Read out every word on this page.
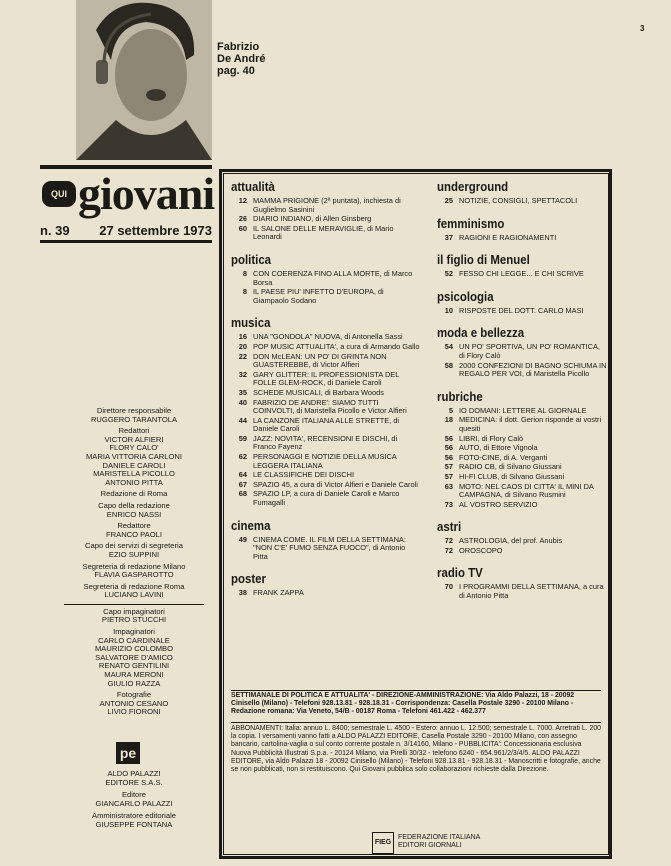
3
Fabrizio
De André
pag. 40
QUI giovani
n. 39 27 settembre 1973
attualità
12 MAMMA PRIGIONE (2ª puntata), inchiesta di Guglielmo Sasinini
26 DIARIO INDIANO, di Allen Ginsberg
60 IL SALONE DELLE MERAVIGLIE, di Mario Leonardi
politica
8 CON COERENZA FINO ALLA MORTE, di Marco Borsa
8 IL PAESE PIU' INFETTO D'EUROPA, di Giampaolo Sodano
musica
16 UNA "GONDOLA" NUOVA, di Antonella Sassi
20 POP MUSIC ATTUALITA', a cura di Armando Gallo
22 DON McLEAN: UN PO' DI GRINTA NON GUASTEREBBE, di Victor Alfieri
32 GARY GLITTER: IL PROFESSIONISTA DEL FOLLE GLEM-ROCK, di Daniele Caroli
35 SCHEDE MUSICALI, di Barbara Woods
40 FABRIZIO DE ANDRE': SIAMO TUTTI COINVOLTI, di Maristella Picollo e Victor Alfieri
44 LA CANZONE ITALIANA ALLE STRETTE, di Daniele Caroli
59 JAZZ: NOVITA', RECENSIONI E DISCHI, di Franco Fayenz
62 PERSONAGGI E NOTIZIE DELLA MUSICA LEGGERA ITALIANA
64 LE CLASSIFICHE DEI DISCHI
67 SPAZIO 45, a cura di Victor Alfieri e Daniele Caroli
68 SPAZIO LP, a cura di Daniele Caroli e Marco Fumagalli
cinema
49 CINEMA COME. IL FILM DELLA SETTIMANA: "NON C'E' FUMO SENZA FUOCO", di Antonio Pitta
poster
38 FRANK ZAPPA
underground
25 NOTIZIE, CONSIGLI, SPETTACOLI
femminismo
37 RAGIONI E RAGIONAMENTI
il figlio di Menuel
52 FESSO CHI LEGGE... E CHI SCRIVE
psicologia
10 RISPOSTE DEL DOTT. CARLO MASI
moda e bellezza
54 UN PO' SPORTIVA, UN PO' ROMANTICA, di Flory Calò
58 2000 CONFEZIONI DI BAGNO SCHIUMA IN REGALO PER VOI, di Maristella Picollo
rubriche
5 IO DOMANI: LETTERE AL GIORNALE
18 MEDICINA: il dott. Gerion risponde ai vostri quesiti
56 LIBRI, di Flory Calò
56 AUTO, di Ettore Vignola
56 FOTO-CINE, di A. Verganti
57 RADIO CB, di Silvano Giussani
57 HI-FI CLUB, di Silvano Giussani
63 MOTO: NEL CAOS DI CITTA' IL MINI DA CAMPAGNA, di Silvano Rusmini
73 AL VOSTRO SERVIZIO
astri
72 ASTROLOGIA, del prof. Anubis
72 OROSCOPO
radio TV
70 I PROGRAMMI DELLA SETTIMANA, a cura di Antonio Pitta
SETTIMANALE DI POLITICA E ATTUALITA' - DIREZIONE-AMMINISTRAZIONE: Via Aldo Palazzi, 18 - 20092 Cinisello (Milano) - Telefoni 928.13.81 - 928.18.31 - Corrispondenza: Casella Postale 3290 - 20100 Milano - Redazione romana: Via Veneto, 54/B - 00187 Roma - Telefoni 461.422 - 462.377
ABBONAMENTI: Italia: annuo L. 8400; semestrale L. 4500 - Estero: annuo L. 12.500; semestrale L. 7000. Arretrati L. 200 la copia. I versamenti vanno fatti a ALDO PALAZZI EDITORE, Casella Postale 3290 - 20100 Milano, con assegno bancario, cartolina-vaglia o sul conto corrente postale n. 3/14160, Milano - PUBBLICITA': Concessionaria esclusiva Nuova Pubblicità Illustrati S.p.a. - 20124 Milano, via Pirelli 30/32 - telefono 6240 - 654.961/2/3/4/5. ALDO PALAZZI EDITORE, via Aldo Palazzi 18 - 20092 Cinisello (Milano) - Telefoni 928.13.81 - 928.18.31 - Manoscritti e fotografie, anche se non pubblicati, non si restituiscono. Qui Giovani pubblica solo collaborazioni richieste dalla Direzione.
FIEG
FEDERAZIONE ITALIANA
EDITORI GIORNALI
Direttore responsabile
RUGGERO TARANTOLA
Redattori
VICTOR ALFIERI
FLORY CALO'
MARIA VITTORIA CARLONI
DANIELE CAROLI
MARISTELLA PICOLLO
ANTONIO PITTA
Redazione di Roma
Capo della redazione
ENRICO NASSI
Redattore
FRANCO PAOLI
Capo dei servizi di segreteria
EZIO SUPPINI
Segreteria di redazione Milano
FLAVIA GASPAROTTO
Segreteria di redazione Roma
LUCIANO LAVINI
Capo impaginatori
PIETRO STUCCHI
Impaginatori
CARLO CARDINALE
MAURIZIO COLOMBO
SALVATORE D'AMICO
RENATO GENTILINI
MAURA MERONI
GIULIO RAZZA
Fotografie
ANTONIO CESANO
LIVIO FIORONI
pe
ALDO PALAZZI
EDITORE S.A.S.
Editore
GIANCARLO PALAZZI
Amministratore editoriale
GIUSEPPE FONTANA
